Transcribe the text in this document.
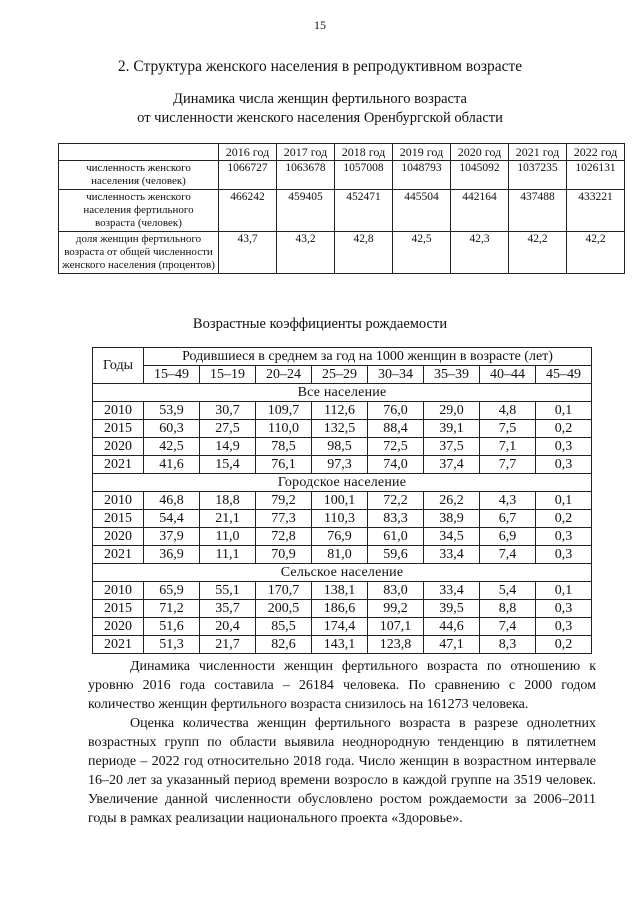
15
2. Структура женского населения в репродуктивном возрасте
Динамика числа женщин фертильного возраста
от численности женского населения Оренбургской области
	2016 год	2017 год	2018 год	2019 год	2020 год	2021 год	2022 год
численность женского населения (человек)	1066727	1063678	1057008	1048793	1045092	1037235	1026131
численность женского населения фертильного возраста (человек)	466242	459405	452471	445504	442164	437488	433221
доля женщин фертильного возраста от общей численности женского населения (процентов)	43,7	43,2	42,8	42,5	42,3	42,2	42,2
Возрастные коэффициенты рождаемости
Годы	Родившиеся в среднем за год на 1000 женщин в возрасте (лет)							
	15–49	15–19	20–24	25–29	30–34	35–39	40–44	45–49
Все население								
2010	53,9	30,7	109,7	112,6	76,0	29,0	4,8	0,1
2015	60,3	27,5	110,0	132,5	88,4	39,1	7,5	0,2
2020	42,5	14,9	78,5	98,5	72,5	37,5	7,1	0,3
2021	41,6	15,4	76,1	97,3	74,0	37,4	7,7	0,3
Городское население								
2010	46,8	18,8	79,2	100,1	72,2	26,2	4,3	0,1
2015	54,4	21,1	77,3	110,3	83,3	38,9	6,7	0,2
2020	37,9	11,0	72,8	76,9	61,0	34,5	6,9	0,3
2021	36,9	11,1	70,9	81,0	59,6	33,4	7,4	0,3
Сельское население								
2010	65,9	55,1	170,7	138,1	83,0	33,4	5,4	0,1
2015	71,2	35,7	200,5	186,6	99,2	39,5	8,8	0,3
2020	51,6	20,4	85,5	174,4	107,1	44,6	7,4	0,3
2021	51,3	21,7	82,6	143,1	123,8	47,1	8,3	0,2

Динамика численности женщин фертильного возраста по отношению к уровню 2016 года составила – 26184 человека. По сравнению с 2000 годом количество женщин фертильного возраста снизилось на 161273 человека.

Оценка количества женщин фертильного возраста в разрезе однолетних возрастных групп по области выявила неоднородную тенденцию в пятилетнем периоде – 2022 год относительно 2018 года. Число женщин в возрастном интервале 16–20 лет за указанный период времени возросло в каждой группе на 3519 человек. Увеличение данной численности обусловлено ростом рождаемости за 2006–2011 годы в рамках реализации национального проекта «Здоровье».
